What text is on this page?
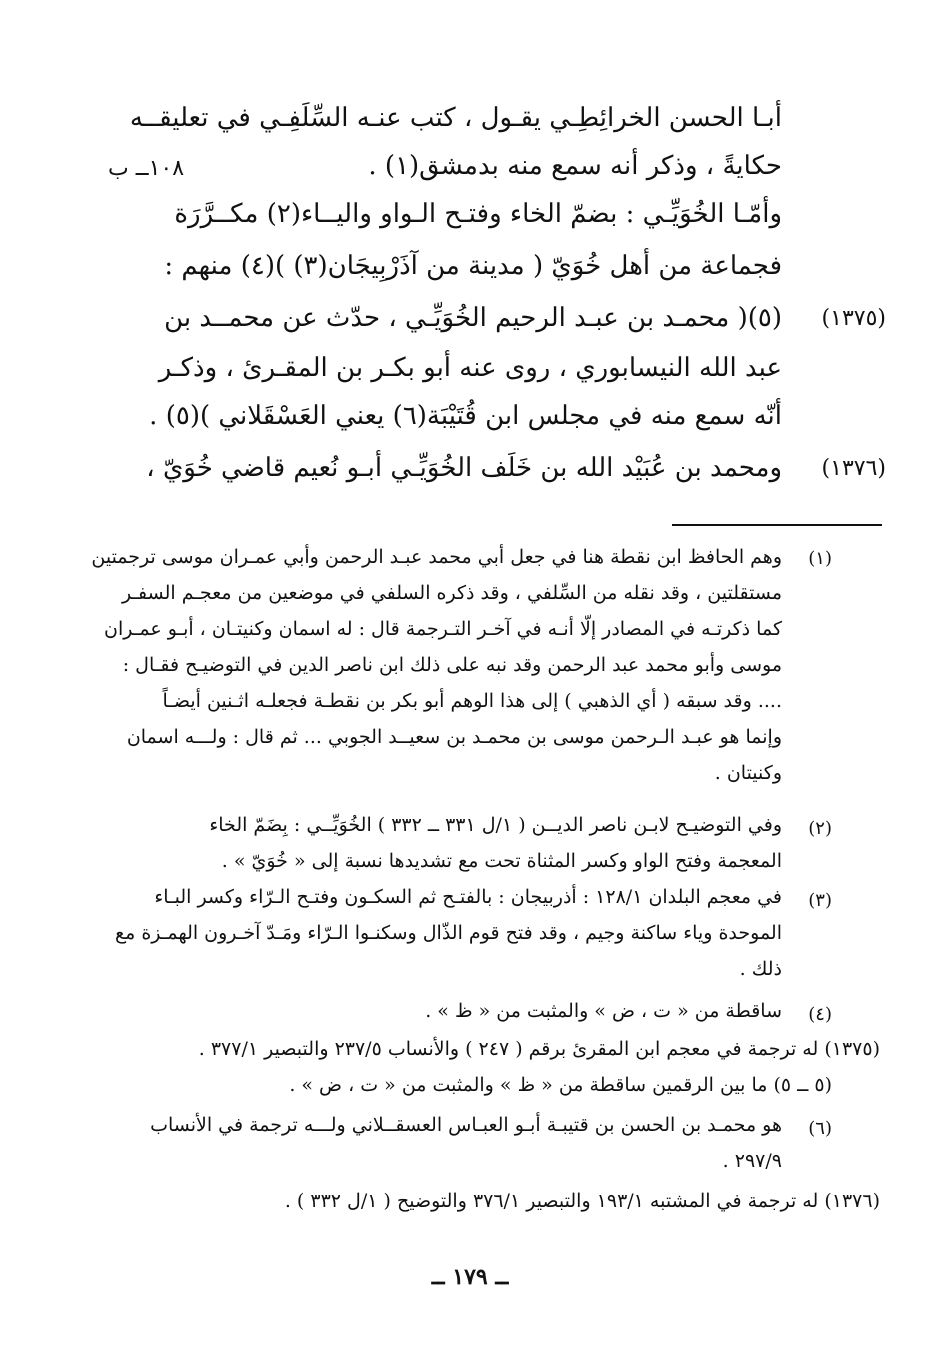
أبـا الحسن الخرائِطِـي يقـول ، كتب عنـه السِّلَفِـي في تعليقــه
حكايةً ، وذكر أنه سمع منه بدمشق(١) .
١٠٨ــ ب
وأمّـا الخُوَيِّـي : بضمّ الخاء وفتـح الـواو واليــاء(٢) مكــرَّرَة
فجماعة من أهل خُوَيّ ( مدينة من آذَرْبِيجَان(٣) )(٤) منهم :
(١٣٧٥)
(٥)( محمـد بن عبـد الرحيم الخُوَيِّـي ، حدّث عن محمــد بن
عبد الله النيسابوري ، روى عنه أبو بكـر بن المقـرىٔ ، وذكـر
أنّه سمع منه في مجلس ابن قُتَيْبَة(٦) يعني العَسْقَلاني )(٥) .
(١٣٧٦)
ومحمد بن عُبَيْد الله بن خَلَف الخُوَيِّـي أبـو نُعيم قاضي خُوَيّ ،
(١)
وهم الحافظ ابن نقطة هنا في جعل أبي محمد عبـد الرحمن وأبي عمـران موسى ترجمتين
مستقلتين ، وقد نقله من السِّلفي ، وقد ذكره السلفي في موضعين من معجـم السفـر
كما ذكرتـه في المصادر إلّا أنـه في آخـر التـرجمة قال : له اسمان وكنيتـان ، أبـو عمـران
موسى وأبو محمد عبد الرحمن وقد نبه على ذلك ابن ناصر الدين في التوضيـح فقـال :
.... وقد سبقه ( أي الذهبي ) إلى هذا الوهم أبو بكر بن نقطـة فجعلـه اثـنين أيضـاً
وإنما هو عبـد الـرحمن موسى بن محمـد بن سعيــد الجوبي ... ثم قال : ولـــه اسمان
وكنيتان .
(٢)
وفي التوضيـح لابـن ناصر الديــن ( ١/ل ٣٣١ ــ ٣٣٢ ) الخُوَيِّــي : بِضَمّ الخاء
المعجمة وفتح الواو وكسر المثناة تحت مع تشديدها نسبة إلى « خُوَيّ » .
(٣)
في معجم البلدان ١٢٨/١ : أذربيجان : بالفتـح ثم السكـون وفتـح الـرّاء وكسر البـاء
الموحدة وياء ساكنة وجيم ، وقد فتح قوم الذّال وسكنـوا الـرّاء ومَـدّ آخـرون الهمـزة مع
ذلك .
(٤)
ساقطة من « ت ، ض » والمثبت من « ظ » .
(١٣٧٥) له ترجمة في معجم ابن المقرىٔ برقم ( ٢٤٧ ) والأنساب ٢٣٧/٥ والتبصير ٣٧٧/١ .
(٥ ــ ٥) ما بين الرقمين ساقطة من « ظ » والمثبت من « ت ، ض » .
(٦)
هو محمـد بن الحسن بن قتيبـة أبـو العبـاس العسقــلاني ولـــه ترجمة في الأنساب
٢٩٧/٩ .
(١٣٧٦) له ترجمة في المشتبه ١٩٣/١ والتبصير ٣٧٦/١ والتوضيح ( ١/ل ٣٣٢ ) .
ــ ١٧٩ ــ
